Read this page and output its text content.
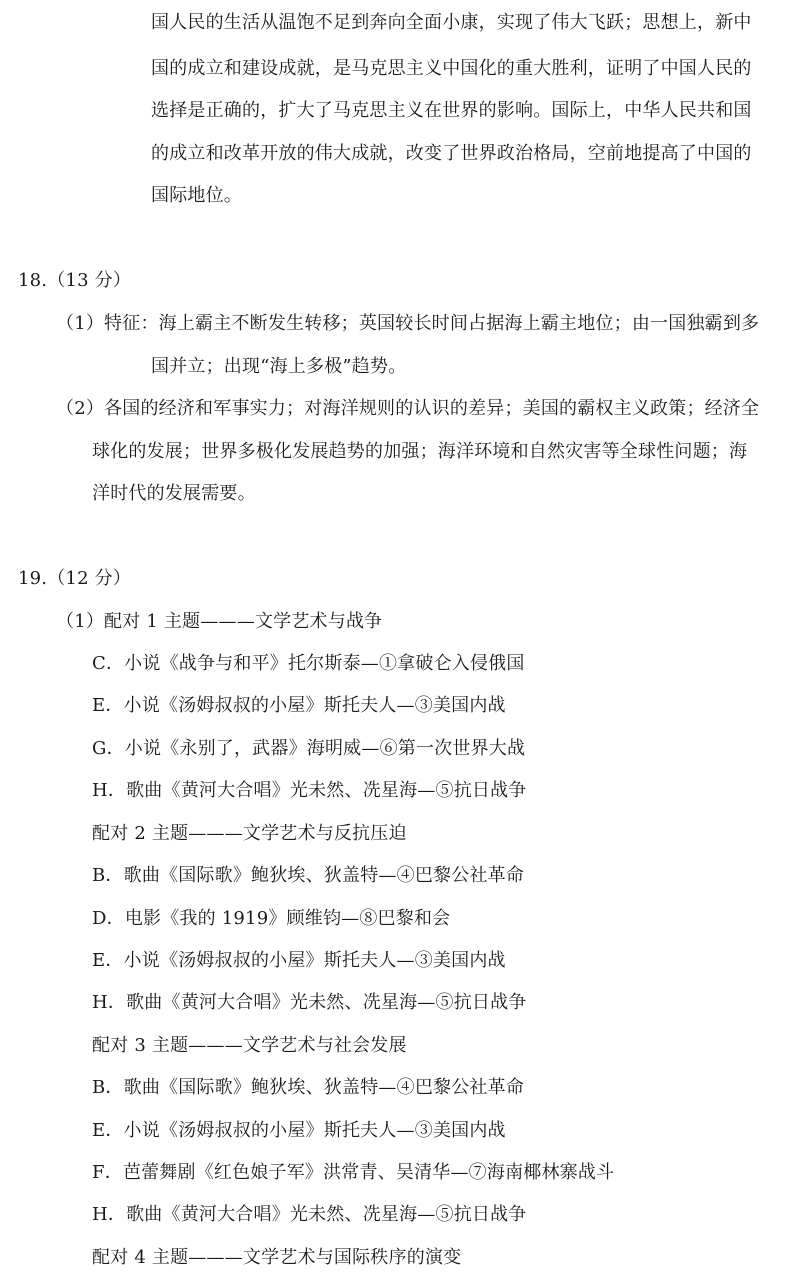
国人民的生活从温饱不足到奔向全面小康，实现了伟大飞跃；思想上，新中
国的成立和建设成就，是马克思主义中国化的重大胜利，证明了中国人民的
选择是正确的，扩大了马克思主义在世界的影响。国际上，中华人民共和国
的成立和改革开放的伟大成就，改变了世界政治格局，空前地提高了中国的
国际地位。
18.（13 分）
（1）特征：海上霸主不断发生转移；英国较长时间占据海上霸主地位；由一国独霸到多
国并立；出现“海上多极”趋势。
（2）各国的经济和军事实力；对海洋规则的认识的差异；美国的霸权主义政策；经济全
球化的发展；世界多极化发展趋势的加强；海洋环境和自然灾害等全球性问题；海
洋时代的发展需要。
19.（12 分）
（1）配对 1 主题———文学艺术与战争
C．小说《战争与和平》托尔斯泰—①拿破仑入侵俄国
E．小说《汤姆叔叔的小屋》斯托夫人—③美国内战
G．小说《永别了，武器》海明威—⑥第一次世界大战
H．歌曲《黄河大合唱》光未然、冼星海—⑤抗日战争
配对 2 主题———文学艺术与反抗压迫
B．歌曲《国际歌》鲍狄埃、狄盖特—④巴黎公社革命
D．电影《我的 1919》顾维钧—⑧巴黎和会
E．小说《汤姆叔叔的小屋》斯托夫人—③美国内战
H．歌曲《黄河大合唱》光未然、冼星海—⑤抗日战争
配对 3 主题———文学艺术与社会发展
B．歌曲《国际歌》鲍狄埃、狄盖特—④巴黎公社革命
E．小说《汤姆叔叔的小屋》斯托夫人—③美国内战
F．芭蕾舞剧《红色娘子军》洪常青、吴清华—⑦海南椰林寨战斗
H．歌曲《黄河大合唱》光未然、冼星海—⑤抗日战争
配对 4 主题———文学艺术与国际秩序的演变
